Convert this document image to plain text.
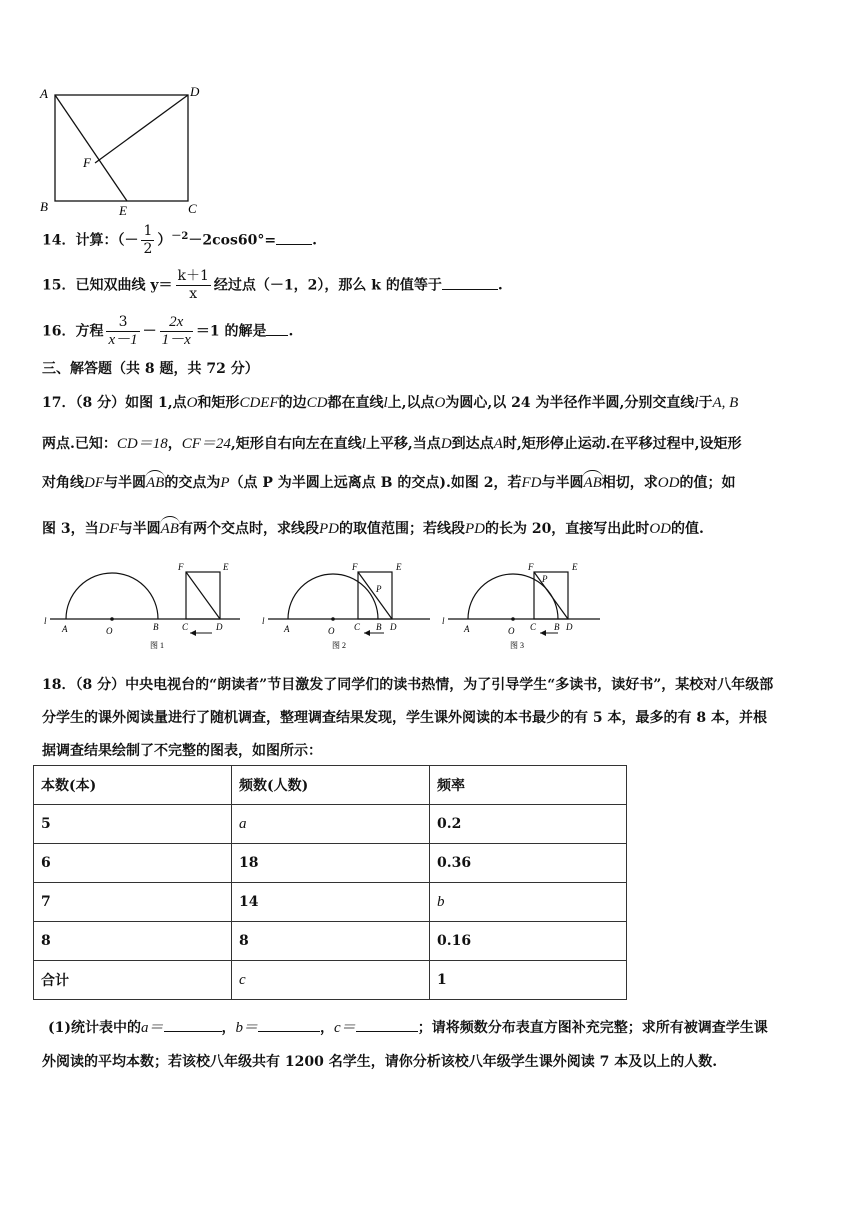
A	D
B	C
E
F
14．计算：（－ $\frac{1}{2} )^{-2}-2\cos 60^\circ=$	.
15．已知双曲线 $y= \frac{k+1}{x}$ 经过点（－1，2），那么 k 的值等于	.
16．方程 $\frac{3}{x-1} - \frac{2x}{1-x} =1$ 的解是 .
三、解答题（共 8 题，共 72 分）
17．（8 分）如图 1,点O和矩形CDEF的边CD都在直线l上,以点O为圆心,以 24 为半径作半圆,分别交直线l于A, B
两点.已知：CD＝18，CF＝24,矩形自右向左在直线l上平移,当点D到达点A时,矩形停止运动.在平移过程中,设矩形
对角线DF与半圆AB的交点为P（点 P 为半圆上远离点 B 的交点).如图 2，若FD与半圆AB相切，求OD的值；如
图 3，当DF与半圆AB有两个交点时，求线段PD的取值范围；若线段PD的长为 20，直接写出此时OD的值.
l
A	O	B	C	D
F	E
图 1
l
A	O C B D
F	E
P
图 2
l
A	O C B D
F	E
P
图 3
18．（8 分）中央电视台的“朗读者”节目激发了同学们的读书热情，为了引导学生“多读书，读好书”，某校对八年级部
分学生的课外阅读量进行了随机调查，整理调查结果发现，学生课外阅读的本书最少的有 5 本，最多的有 8 本，并根
据调查结果绘制了不完整的图表，如图所示：
本数(本)	频数(人数)	频率
5	a	0.2
6	18	0.36
7	14	b
8	8	0.16
合计	c	1
(1)统计表中的a＝	，b＝	，c＝	；请将频数分布表直方图补充完整；求所有被调查学生课
外阅读的平均本数；若该校八年级共有 1200 名学生，请你分析该校八年级学生课外阅读 7 本及以上的人数.
